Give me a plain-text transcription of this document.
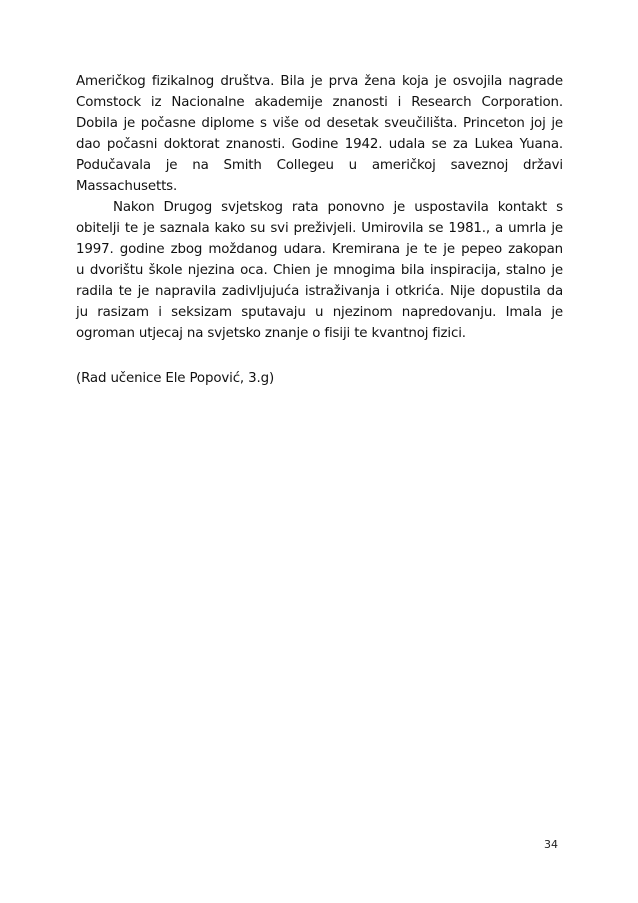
Američkog fizikalnog društva. Bila je prva žena koja je osvojila nagrade
Comstock iz Nacionalne akademije znanosti i Research Corporation.
Dobila je počasne diplome s više od desetak sveučilišta. Princeton joj je
dao počasni doktorat znanosti. Godine 1942. udala se za Lukea Yuana.
Podučavala je na Smith Collegeu u američkoj saveznoj državi
Massachusetts.
Nakon Drugog svjetskog rata ponovno je uspostavila kontakt s
obitelji te je saznala kako su svi preživjeli. Umirovila se 1981., a umrla je
1997. godine zbog moždanog udara. Kremirana je te je pepeo zakopan
u dvorištu škole njezina oca. Chien je mnogima bila inspiracija, stalno je
radila te je napravila zadivljujuća istraživanja i otkrića. Nije dopustila da
ju rasizam i seksizam sputavaju u njezinom napredovanju. Imala je
ogroman utjecaj na svjetsko znanje o fisiji te kvantnoj fizici.
(Rad učenice Ele Popović, 3.g)
34
